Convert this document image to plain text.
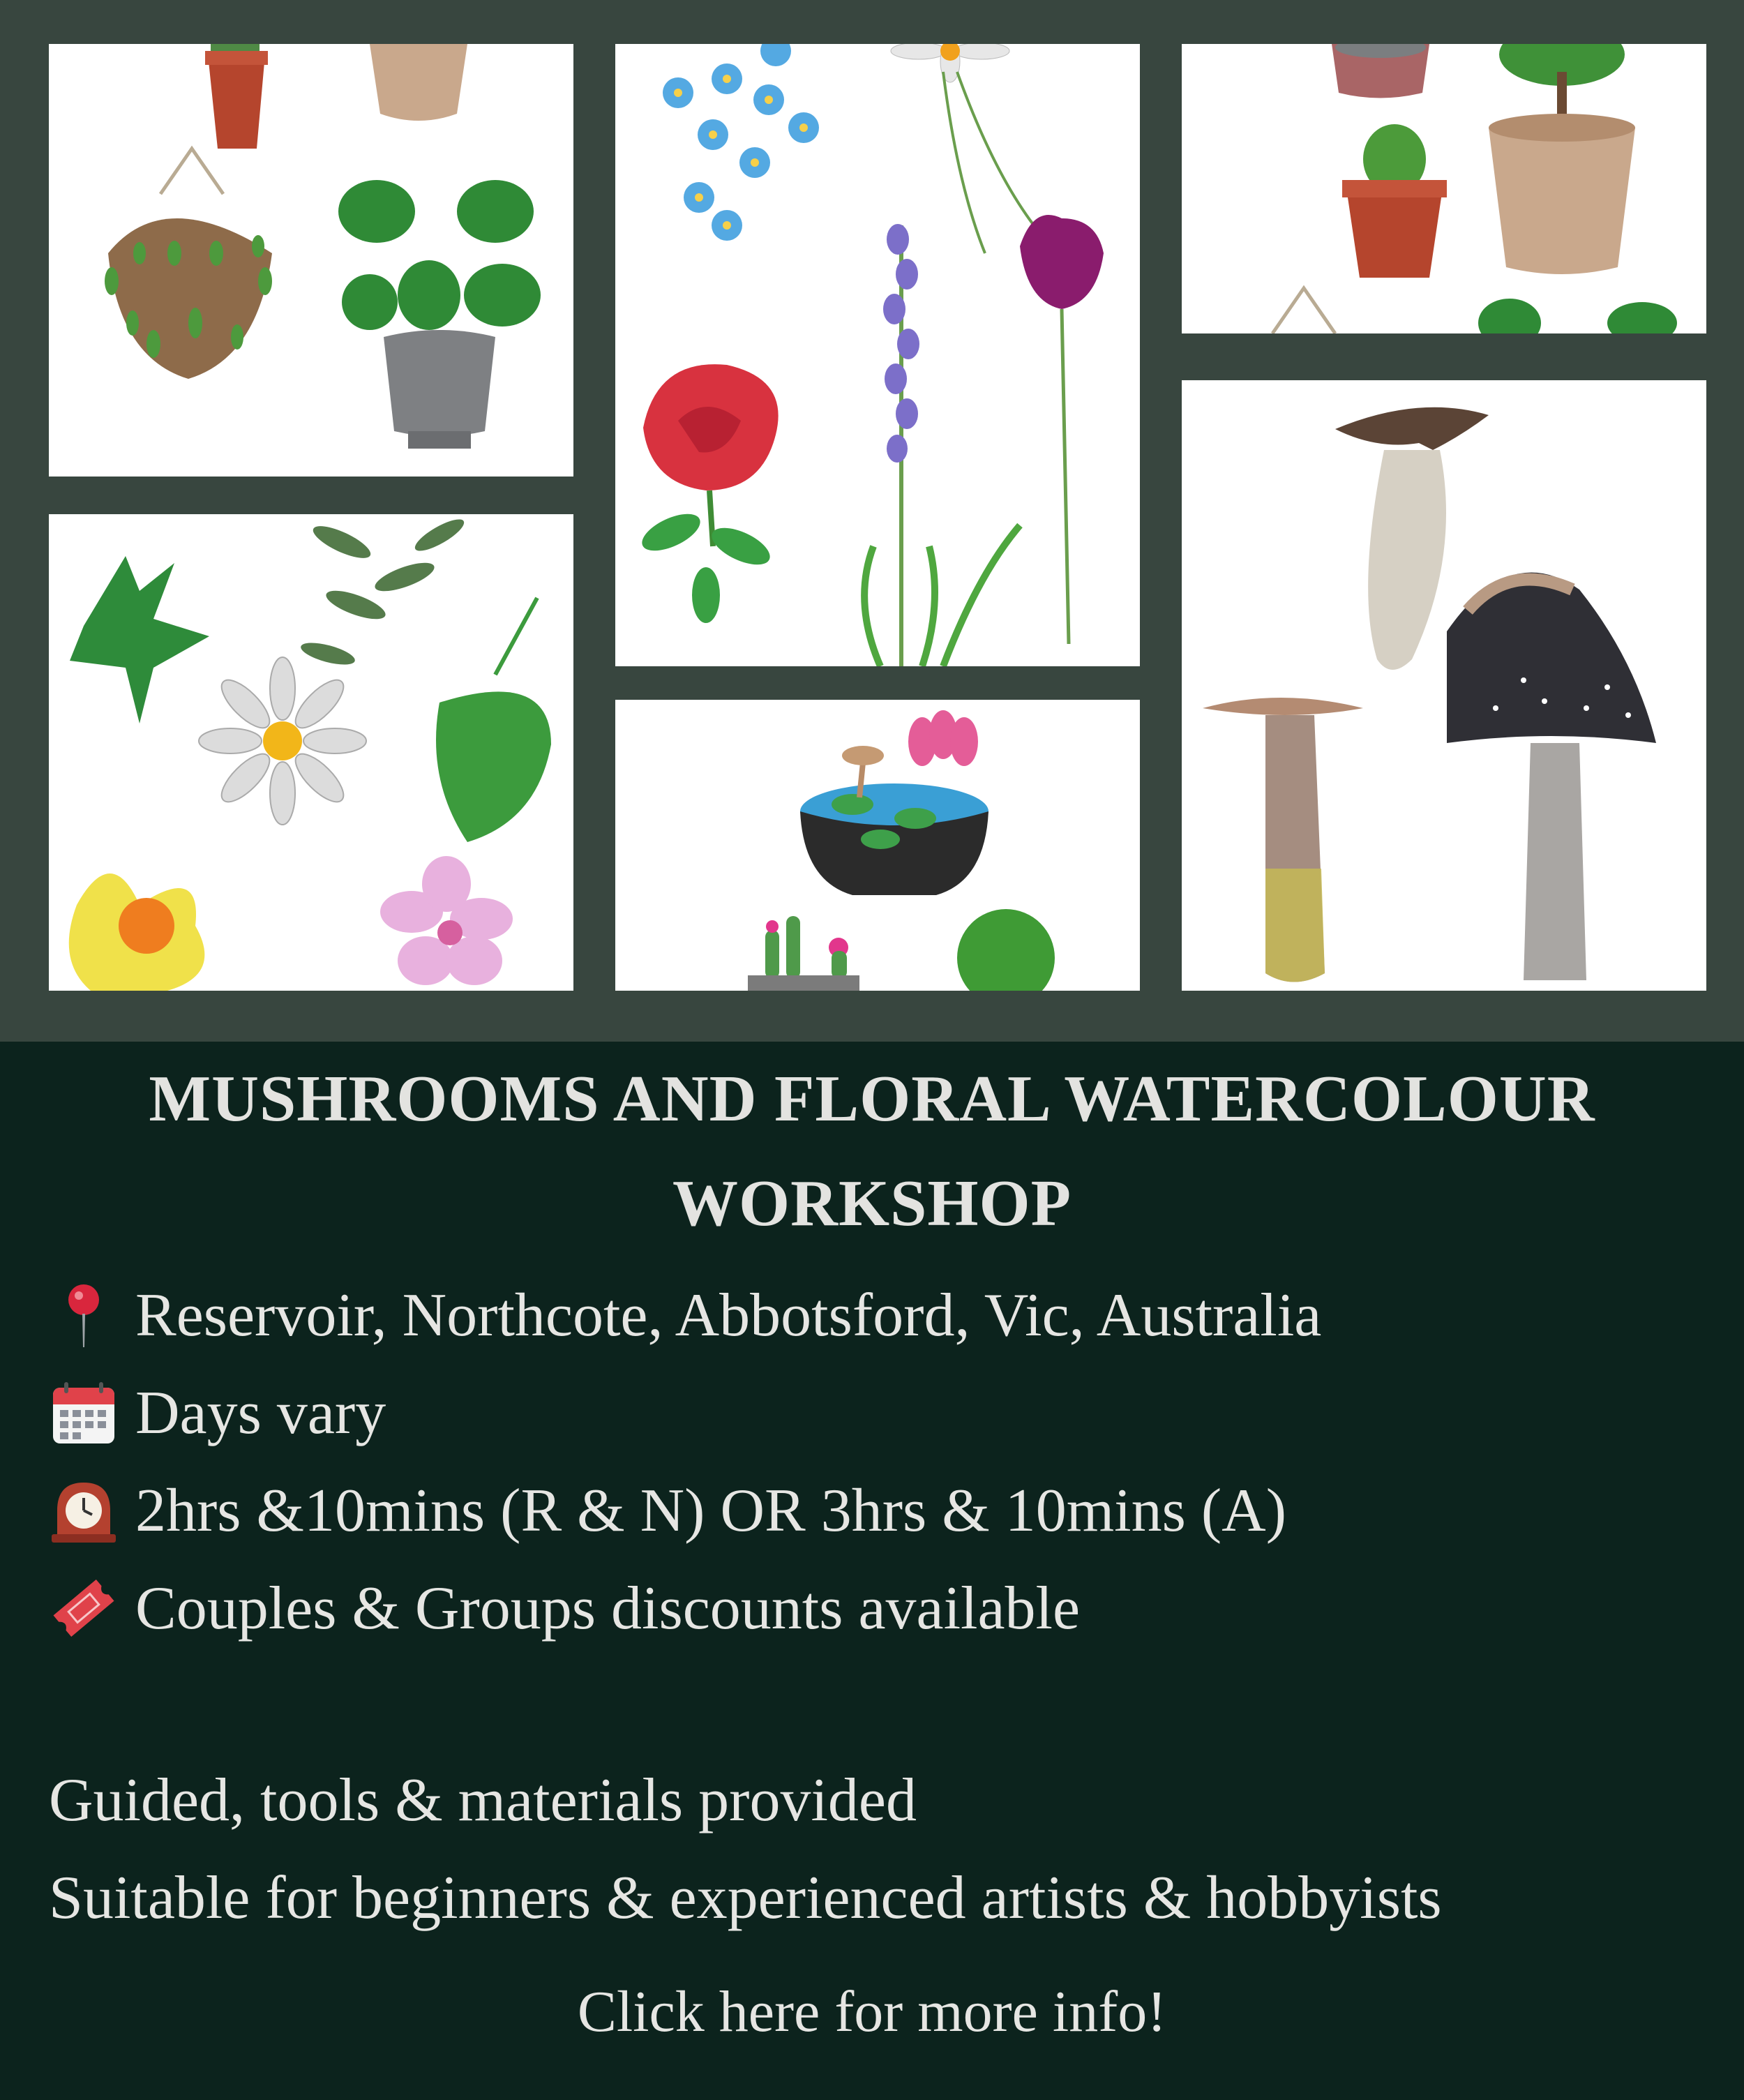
MUSHROOMS AND FLORAL WATERCOLOUR
WORKSHOP
Reservoir, Northcote, Abbotsford, Vic, Australia
Days vary
2hrs &10mins (R & N) OR 3hrs & 10mins (A)
Couples & Groups discounts available

Guided, tools & materials provided

Suitable for beginners & experienced artists & hobbyists

Click here for more info!
